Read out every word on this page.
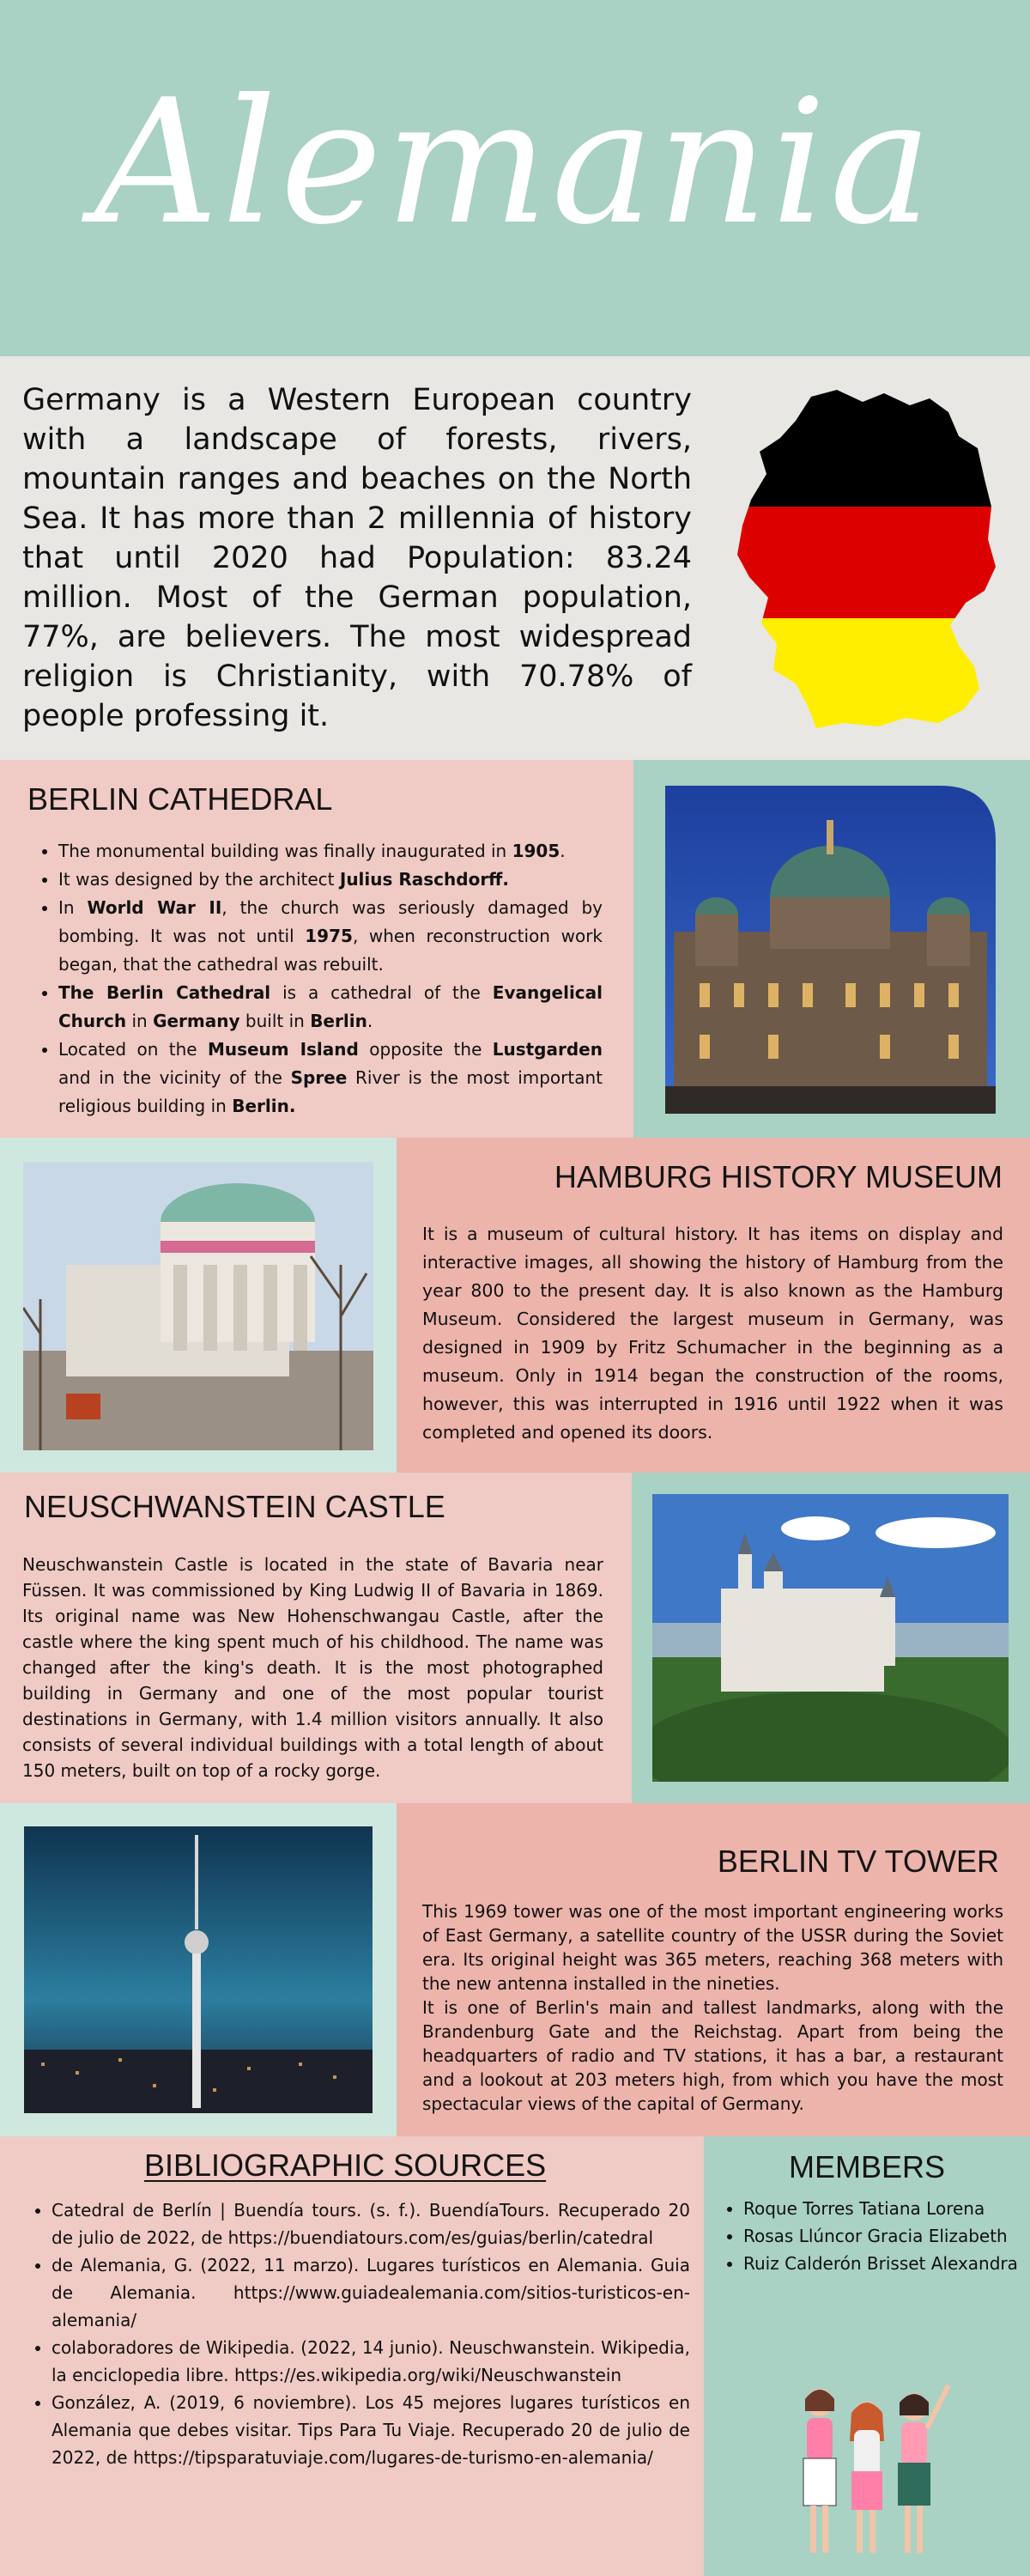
Alemania
Germany is a Western European country with a landscape of forests, rivers, mountain ranges and beaches on the North Sea. It has more than 2 millennia of history that until 2020 had Population: 83.24 million. Most of the German population, 77%, are believers. The most widespread religion is Christianity, with 70.78% of people professing it.
BERLIN CATHEDRAL
• The monumental building was finally inaugurated in 1905.
• It was designed by the architect Julius Raschdorff.
• In World War II, the church was seriously damaged by bombing. It was not until 1975, when reconstruction work began, that the cathedral was rebuilt.
• The Berlin Cathedral is a cathedral of the Evangelical Church in Germany built in Berlin.
• Located on the Museum Island opposite the Lustgarden and in the vicinity of the Spree River is the most important religious building in Berlin.
HAMBURG HISTORY MUSEUM
It is a museum of cultural history. It has items on display and interactive images, all showing the history of Hamburg from the year 800 to the present day. It is also known as the Hamburg Museum. Considered the largest museum in Germany, was designed in 1909 by Fritz Schumacher in the beginning as a museum. Only in 1914 began the construction of the rooms, however, this was interrupted in 1916 until 1922 when it was completed and opened its doors.
NEUSCHWANSTEIN CASTLE
Neuschwanstein Castle is located in the state of Bavaria near Füssen. It was commissioned by King Ludwig II of Bavaria in 1869. Its original name was New Hohenschwangau Castle, after the castle where the king spent much of his childhood. The name was changed after the king's death. It is the most photographed building in Germany and one of the most popular tourist destinations in Germany, with 1.4 million visitors annually. It also consists of several individual buildings with a total length of about 150 meters, built on top of a rocky gorge.
BERLIN TV TOWER
This 1969 tower was one of the most important engineering works of East Germany, a satellite country of the USSR during the Soviet era. Its original height was 365 meters, reaching 368 meters with the new antenna installed in the nineties.
It is one of Berlin's main and tallest landmarks, along with the Brandenburg Gate and the Reichstag. Apart from being the headquarters of radio and TV stations, it has a bar, a restaurant and a lookout at 203 meters high, from which you have the most spectacular views of the capital of Germany.
BIBLIOGRAPHIC SOURCES
• Catedral de Berlín | Buendía tours. (s. f.). BuendíaTours. Recuperado 20 de julio de 2022, de https://buendiatours.com/es/guias/berlin/catedral
• de Alemania, G. (2022, 11 marzo). Lugares turísticos en Alemania. Guia de Alemania. https://www.guiadealemania.com/sitios-turisticos-en-alemania/
• colaboradores de Wikipedia. (2022, 14 junio). Neuschwanstein. Wikipedia, la enciclopedia libre. https://es.wikipedia.org/wiki/Neuschwanstein
• González, A. (2019, 6 noviembre). Los 45 mejores lugares turísticos en Alemania que debes visitar. Tips Para Tu Viaje. Recuperado 20 de julio de 2022, de https://tipsparatuviaje.com/lugares-de-turismo-en-alemania/
MEMBERS
• Roque Torres Tatiana Lorena
• Rosas Llúncor Gracia Elizabeth
• Ruiz Calderón Brisset Alexandra
